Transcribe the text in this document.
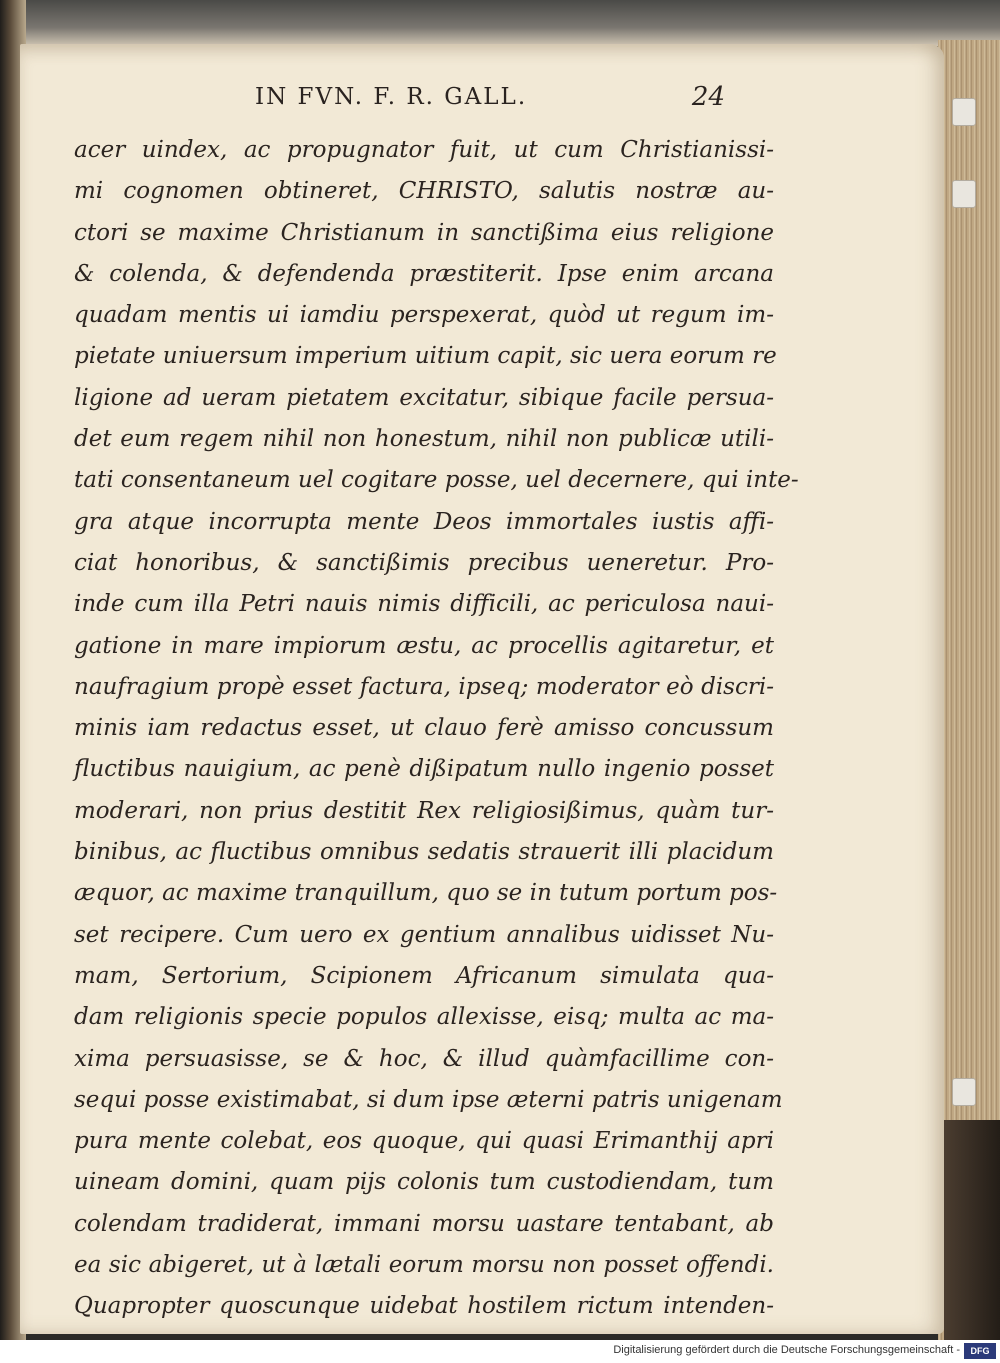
IN FVN. F. R. GALL.	24
acer uindex, ac propugnator fuit, ut cum Christianissi-
mi cognomen obtineret, CHRISTO, salutis nostræ au-
ctori se maxime Christianum in sanctißima eius religione
& colenda, & defendenda præstiterit. Ipse enim arcana
quadam mentis ui iamdiu perspexerat, quòd ut regum im-
pietate uniuersum imperium uitium capit, sic uera eorum re
ligione ad ueram pietatem excitatur, sibique facile persua-
det eum regem nihil non honestum, nihil non publicæ utili-
tati consentaneum uel cogitare posse, uel decernere, qui inte-
gra atque incorrupta mente Deos immortales iustis affi-
ciat honoribus, & sanctißimis precibus ueneretur. Pro-
inde cum illa Petri nauis nimis difficili, ac periculosa naui-
gatione in mare impiorum æstu, ac procellis agitaretur, et
naufragium propè esset factura, ipseq; moderator eò discri-
minis iam redactus esset, ut clauo ferè amisso concussum
fluctibus nauigium, ac penè dißipatum nullo ingenio posset
moderari, non prius destitit Rex religiosißimus, quàm tur-
binibus, ac fluctibus omnibus sedatis strauerit illi placidum
æquor, ac maxime tranquillum, quo se in tutum portum pos-
set recipere. Cum uero ex gentium annalibus uidisset Nu-
mam, Sertorium, Scipionem Africanum simulata qua-
dam religionis specie populos allexisse, eisq; multa ac ma-
xima persuasisse, se & hoc, & illud quàmfacillime con-
sequi posse existimabat, si dum ipse æterni patris unigenam
pura mente colebat, eos quoque, qui quasi Erimanthij apri
uineam domini, quam pijs colonis tum custodiendam, tum
colendam tradiderat, immani morsu uastare tentabant, ab
ea sic abigeret, ut à lætali eorum morsu non posset offendi.
Quapropter quoscunque uidebat hostilem rictum intenden-
Digitalisierung gefördert durch die Deutsche Forschungsgemeinschaft -	DFG
